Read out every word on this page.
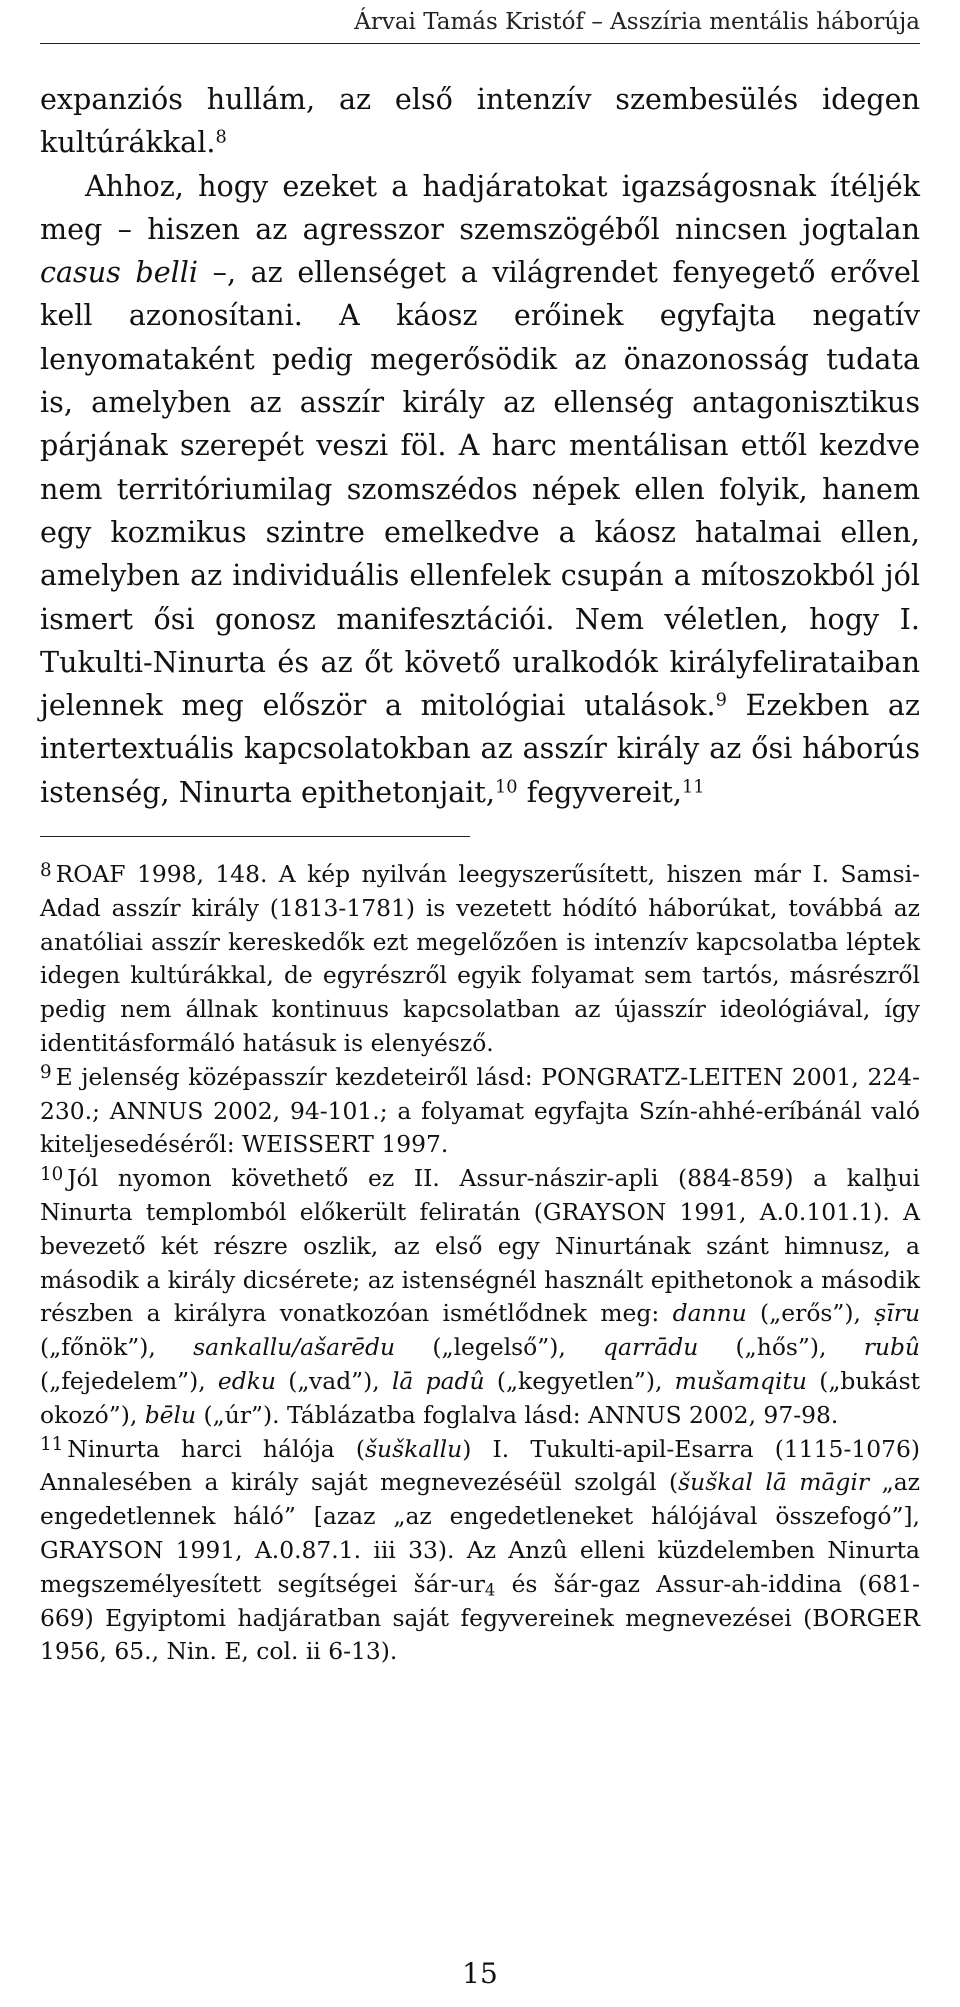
Árvai Tamás Kristóf – Asszíria mentális háborúja

expanziós hullám, az első intenzív szembesülés idegen kultúrákkal.$^8$

Ahhoz, hogy ezeket a hadjáratokat igazságosnak ítéljék meg – hiszen az agresszor szemszögéből nincsen jogtalan casus belli –, az ellenséget a világrendet fenyegető erővel kell azonosítani. A káosz erőinek egyfajta negatív lenyomataként pedig megerősödik az önazonosság tudata is, amelyben az asszír király az ellenség antagonisztikus párjának szerepét veszi föl. A harc mentálisan ettől kezdve nem territóriumilag szomszédos népek ellen folyik, hanem egy kozmikus szintre emelkedve a káosz hatalmai ellen, amelyben az individuális ellenfelek csupán a mítoszokból jól ismert ősi gonosz manifesztációi. Nem véletlen, hogy I. Tukulti-Ninurta és az őt követő uralkodók királyfelirataiban jelennek meg először a mitológiai utalások.$^9$ Ezekben az intertextuális kapcsolatokban az asszír király az ősi háborús istenség, Ninurta epithetonjait,$^{10}$ fegyvereit,$^{11}$

$^8$ ROAF 1998, 148. A kép nyilván leegyszerűsített, hiszen már I. Samsi-Adad asszír király (1813-1781) is vezetett hódító háborúkat, továbbá az anatóliai asszír kereskedők ezt megelőzően is intenzív kapcsolatba léptek idegen kultúrákkal, de egyrészről egyik folyamat sem tartós, másrészről pedig nem állnak kontinuus kapcsolatban az újasszír ideológiával, így identitásformáló hatásuk is elenyésző.

$^9$ E jelenség középasszír kezdeteiről lásd: PONGRATZ-LEITEN 2001, 224-230.; ANNUS 2002, 94-101.; a folyamat egyfajta Szín-ahhé-eríbánál való kiteljesedéséről: WEISSERT 1997.

$^{10}$ Jól nyomon követhető ez II. Assur-nászir-apli (884-859) a kalḫui Ninurta templomból előkerült feliratán (GRAYSON 1991, A.0.101.1). A bevezető két részre oszlik, az első egy Ninurtának szánt himnusz, a második a király dicsérete; az istenségnél használt epithetonok a második részben a királyra vonatkozóan ismétlődnek meg: dannu („erős”), ṣīru („főnök”), sankallu/ašarēdu („legelső”), qarrādu („hős”), rubû („fejedelem”), edku („vad”), lā padû („kegyetlen”), mušamqitu („bukást okozó”), bēlu („úr”). Táblázatba foglalva lásd: ANNUS 2002, 97-98.

$^{11}$ Ninurta harci hálója (šuškallu) I. Tukulti-apil-Esarra (1115-1076) Annalesében a király saját megnevezéséül szolgál (šuškal lā māgir „az engedetlennek háló” [azaz „az engedetleneket hálójával összefogó”], GRAYSON 1991, A.0.87.1. iii 33). Az Anzû elleni küzdelemben Ninurta megszemélyesített segítségei šár-$ur_4$ és šár-gaz Assur-ah-iddina (681-669) Egyiptomi hadjáratban saját fegyvereinek megnevezései (BORGER 1956, 65., Nin. E, col. ii 6-13).

15
